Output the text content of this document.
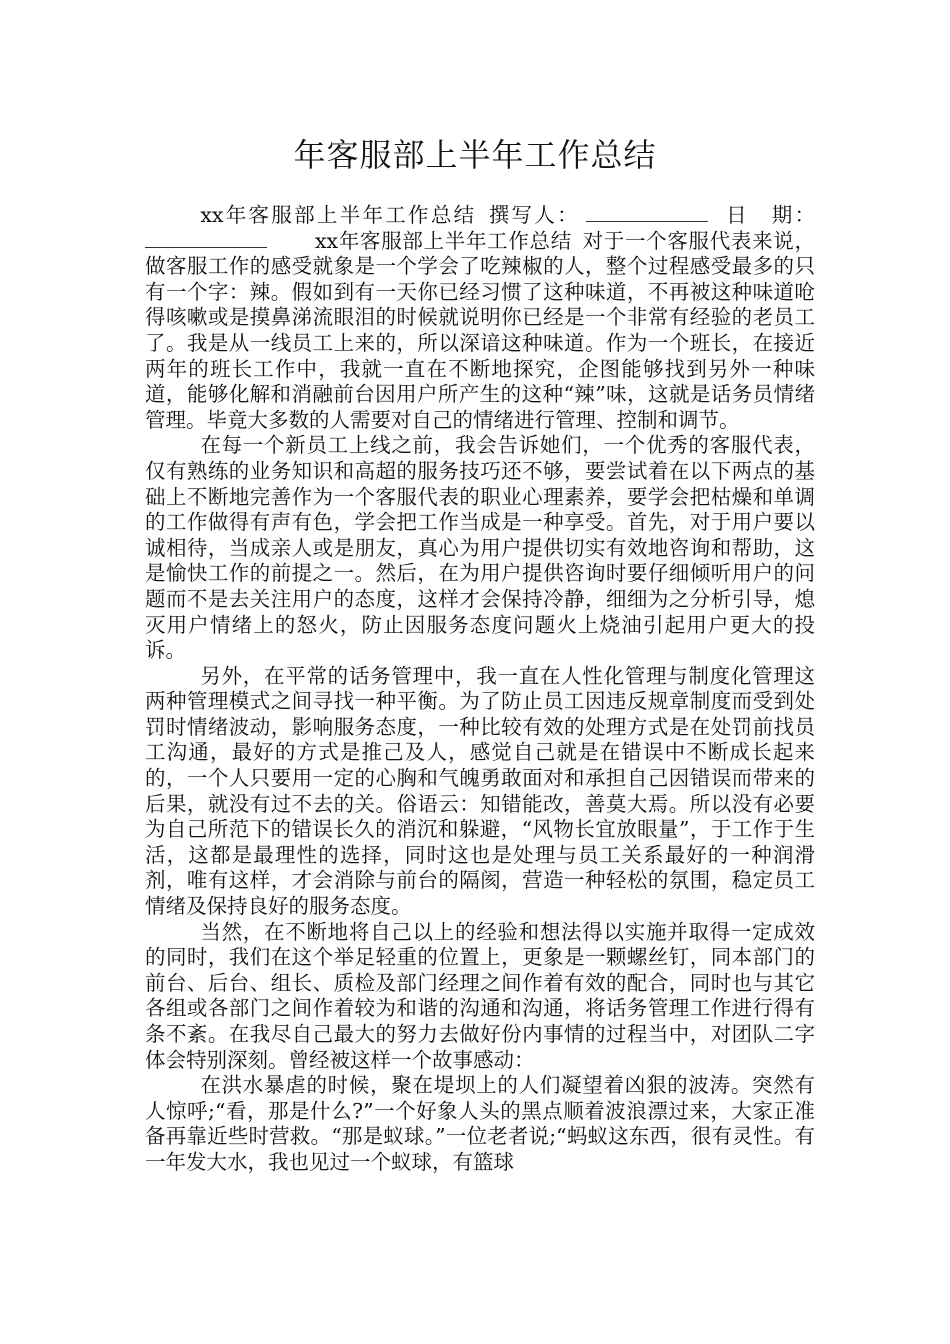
年客服部上半年工作总结

xx年客服部上半年工作总结 撰写人：	日　期：xx年客服部上半年工作总结 对于一个客服代表来说，做客服工作的感受就象是一个学会了吃辣椒的人，整个过程感受最多的只有一个字：辣。假如到有一天你已经习惯了这种味道，不再被这种味道呛得咳嗽或是摸鼻涕流眼泪的时候就说明你已经是一个非常有经验的老员工了。我是从一线员工上来的，所以深谙这种味道。作为一个班长，在接近两年的班长工作中，我就一直在不断地探究，企图能够找到另外一种味道，能够化解和消融前台因用户所产生的这种“辣”味，这就是话务员情绪管理。毕竟大多数的人需要对自己的情绪进行管理、控制和调节。

在每一个新员工上线之前，我会告诉她们，一个优秀的客服代表，仅有熟练的业务知识和高超的服务技巧还不够，要尝试着在以下两点的基础上不断地完善作为一个客服代表的职业心理素养，要学会把枯燥和单调的工作做得有声有色，学会把工作当成是一种享受。首先，对于用户要以诚相待，当成亲人或是朋友，真心为用户提供切实有效地咨询和帮助，这是愉快工作的前提之一。然后，在为用户提供咨询时要仔细倾听用户的问题而不是去关注用户的态度，这样才会保持冷静，细细为之分析引导，熄灭用户情绪上的怒火，防止因服务态度问题火上烧油引起用户更大的投诉。

另外，在平常的话务管理中，我一直在人性化管理与制度化管理这两种管理模式之间寻找一种平衡。为了防止员工因违反规章制度而受到处罚时情绪波动，影响服务态度，一种比较有效的处理方式是在处罚前找员工沟通，最好的方式是推己及人，感觉自己就是在错误中不断成长起来的，一个人只要用一定的心胸和气魄勇敢面对和承担自己因错误而带来的后果，就没有过不去的关。俗语云：知错能改，善莫大焉。所以没有必要为自己所范下的错误长久的消沉和躲避，“风物长宜放眼量”，于工作于生活，这都是最理性的选择，同时这也是处理与员工关系最好的一种润滑剂，唯有这样，才会消除与前台的隔阂，营造一种轻松的氛围，稳定员工情绪及保持良好的服务态度。

当然，在不断地将自己以上的经验和想法得以实施并取得一定成效的同时，我们在这个举足轻重的位置上，更象是一颗螺丝钉，同本部门的前台、后台、组长、质检及部门经理之间作着有效的配合，同时也与其它各组或各部门之间作着较为和谐的沟通和沟通，将话务管理工作进行得有条不紊。在我尽自己最大的努力去做好份内事情的过程当中，对团队二字体会特别深刻。曾经被这样一个故事感动：

在洪水暴虐的时候，聚在堤坝上的人们凝望着凶狠的波涛。突然有人惊呼;“看，那是什么?”一个好象人头的黑点顺着波浪漂过来，大家正准备再靠近些时营救。“那是蚁球。”一位老者说;“蚂蚁这东西，很有灵性。有一年发大水，我也见过一个蚁球，有篮球
